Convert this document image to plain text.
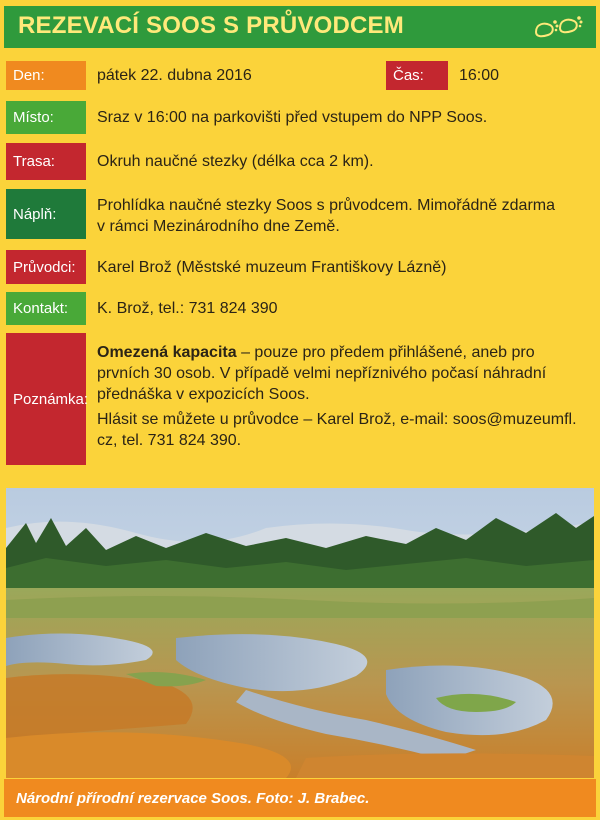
REZEVACÍ SOOS S PRŮVODCEM
Den:	pátek 22. dubna 2016	Čas:	16:00
Místo:	Sraz v 16:00 na parkovišti před vstupem do NPP Soos.
Trasa:	Okruh naučné stezky (délka cca 2 km).
Náplň:	Prohlídka naučné stezky Soos s průvodcem. Mimořádně zdarma

v rámci Mezinárodního dne Země.

Průvodci:	Karel Brož (Městské muzeum Františkovy Lázně)
Kontakt:	K. Brož, tel.: 731 824 390
Poznámka:

Omezená kapacita – pouze pro předem přihlášené, aneb pro

prvních 30 osob. V případě velmi nepříznivého počasí náhradní

přednáška v expozicích Soos.

Hlásit se můžete u průvodce – Karel Brož, e-mail: soos@muzeumfl.

cz, tel. 731 824 390.

Národní přírodní rezervace Soos. Foto: J. Brabec.
